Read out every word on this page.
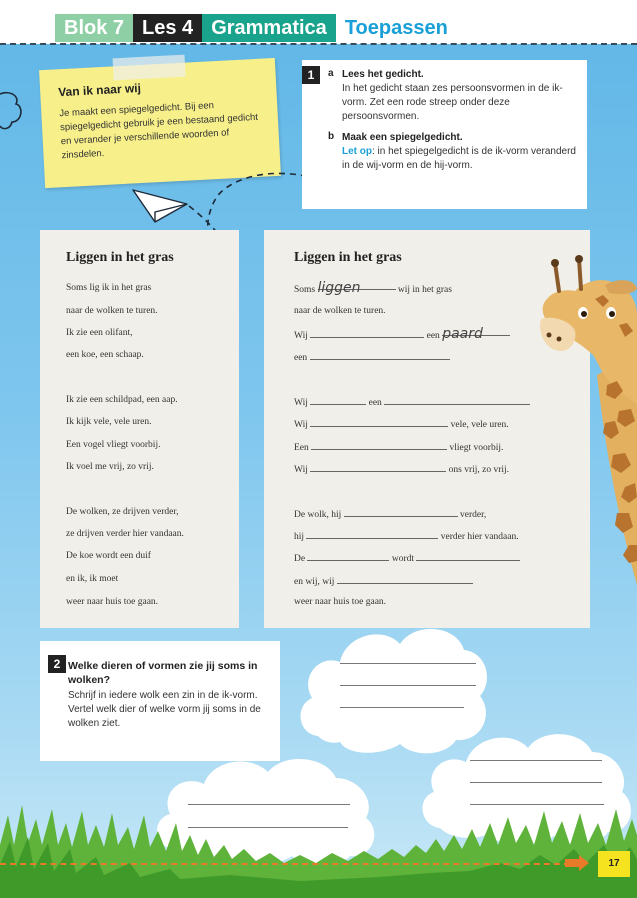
Blok 7 Les 4 Grammatica Toepassen
Van ik naar wij

Je maakt een spiegelgedicht. Bij een spiegelgedicht gebruik je een bestaand gedicht en verander je verschillende woorden of zinsdelen.

1	a Lees het gedicht.
In het gedicht staan zes persoonsvormen in de ik-vorm. Zet een rode streep onder deze persoonsvormen.
b Maak een spiegelgedicht.
Let op: in het spiegelgedicht is de ik-vorm veranderd in de wij-vorm en de hij-vorm.
Liggen in het gras
Soms lig ik in het gras
naar de wolken te turen.
Ik zie een olifant,
een koe, een schaap.
Ik zie een schildpad, een aap.
Ik kijk vele, vele uren.
Een vogel vliegt voorbij.
Ik voel me vrij, zo vrij.
De wolken, ze drijven verder,
ze drijven verder hier vandaan.
De koe wordt een duif
en ik, ik moet
weer naar huis toe gaan.
Liggen in het gras
Soms liggen	wij in het gras
naar de wolken te turen.
Wij	een paard
een
Wij	een
Wij	vele, vele uren.
Een	vliegt voorbij.
Wij	ons vrij, zo vrij.
De wolk, hij	verder,
hij	verder hier vandaan.
De	wordt
en wij, wij
weer naar huis toe gaan.
2 Welke dieren of vormen zie jij soms in wolken?

Schrijf in iedere wolk een zin in de ik-vorm. Vertel welk dier of welke vorm jij soms in de wolken ziet.

17
